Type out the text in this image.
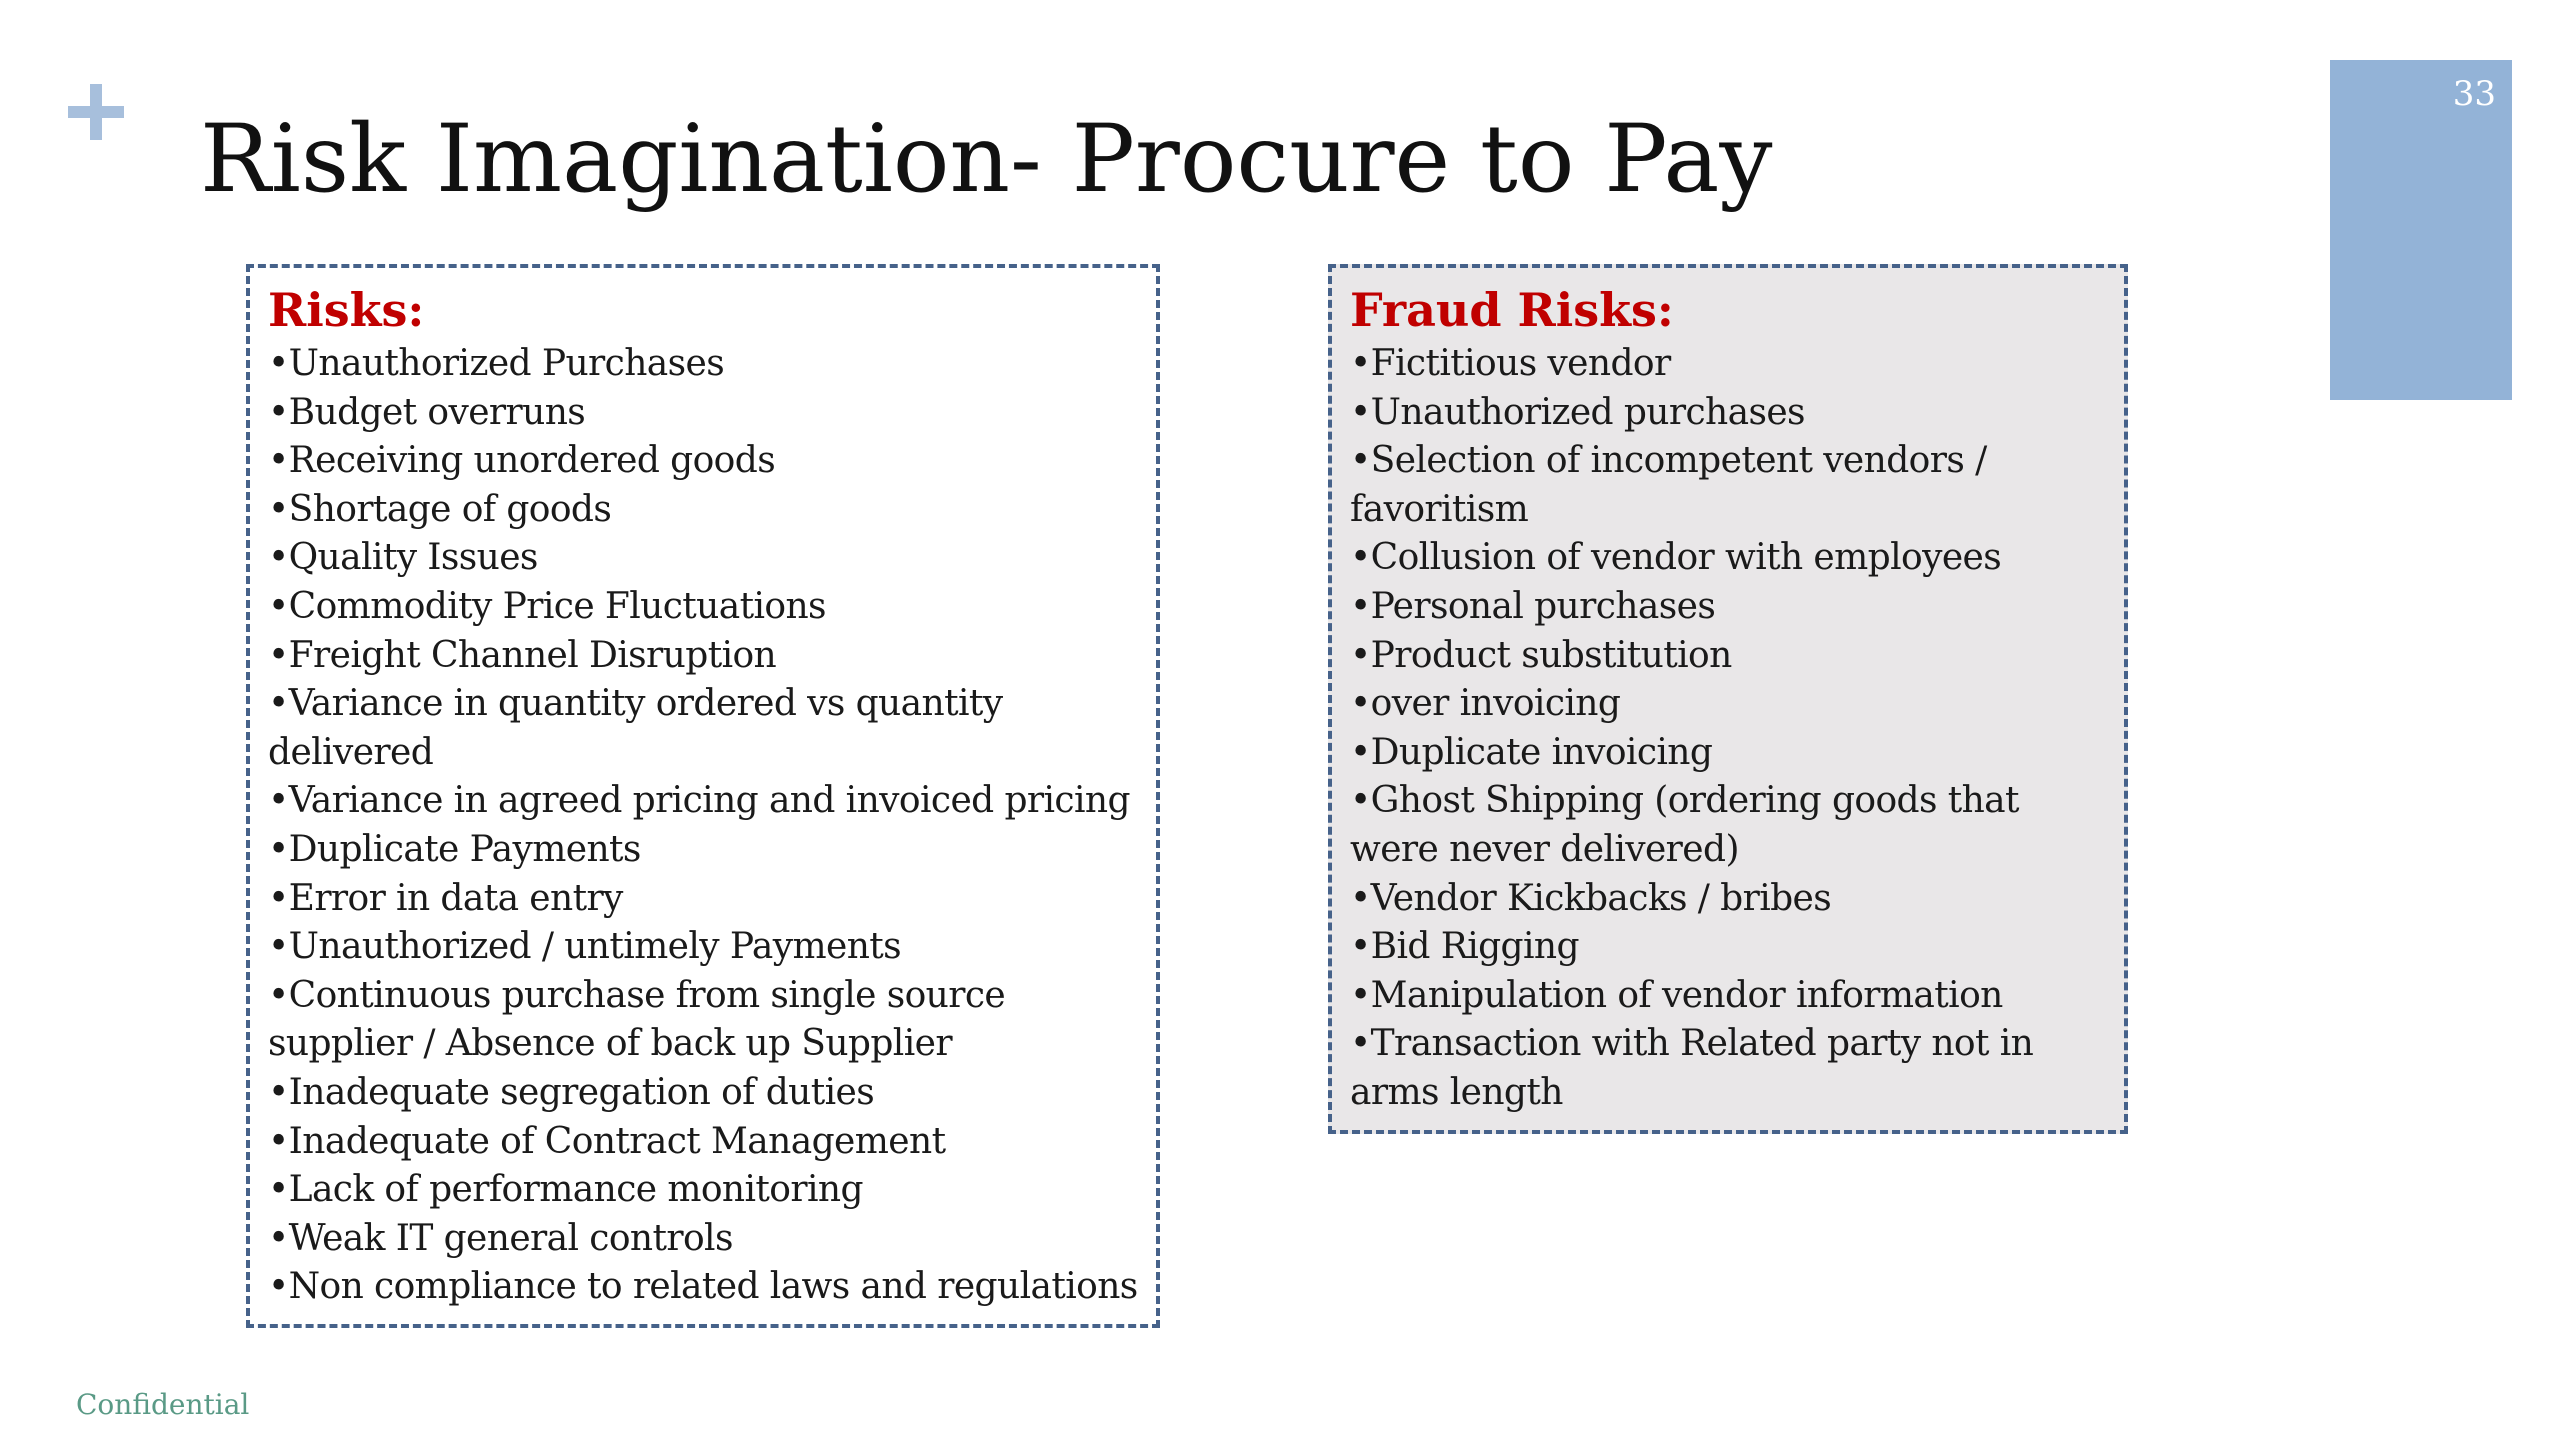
Risk Imagination- Procure to Pay
33
Risks:
•Unauthorized Purchases
•Budget overruns
•Receiving unordered goods
•Shortage of goods
•Quality Issues
•Commodity Price Fluctuations
•Freight Channel Disruption
•Variance in quantity ordered vs quantity delivered
•Variance in agreed pricing and invoiced pricing
•Duplicate Payments
•Error in data entry
•Unauthorized / untimely Payments
•Continuous purchase from single source supplier / Absence of back up Supplier
•Inadequate segregation of duties
•Inadequate of Contract Management
•Lack of performance monitoring
•Weak IT general controls
•Non compliance to related laws and regulations
Fraud Risks:
•Fictitious vendor
•Unauthorized purchases
•Selection of incompetent vendors / favoritism
•Collusion of vendor with employees
•Personal purchases
•Product substitution
•over invoicing
•Duplicate invoicing
•Ghost Shipping (ordering goods that were never delivered)
•Vendor Kickbacks / bribes
•Bid Rigging
•Manipulation of vendor information
•Transaction with Related party not in arms length
Confidential
